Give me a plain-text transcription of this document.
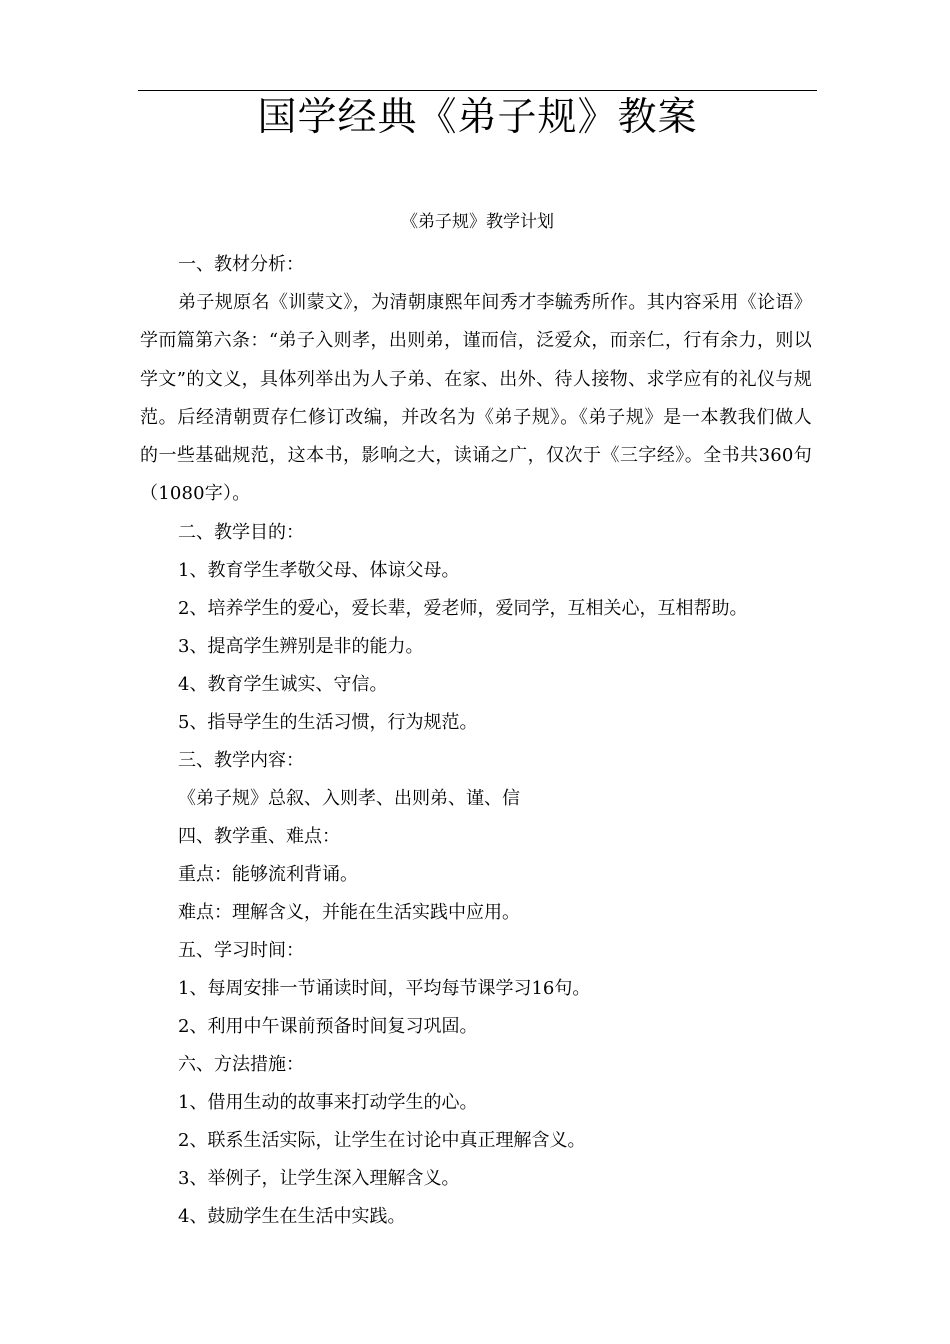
国学经典《弟子规》教案
《弟子规》教学计划
一、教材分析：

弟子规原名《训蒙文》，为清朝康熙年间秀才李毓秀所作。其内容采用《论语》学而篇第六条：“弟子入则孝，出则弟，谨而信，泛爱众，而亲仁，行有余力，则以学文”的文义，具体列举出为人子弟、在家、出外、待人接物、求学应有的礼仪与规范。后经清朝贾存仁修订改编，并改名为《弟子规》。《弟子规》是一本教我们做人的一些基础规范，这本书，影响之大，读诵之广，仅次于《三字经》。全书共360句（1080字）。

二、教学目的：
1、教育学生孝敬父母、体谅父母。
2、培养学生的爱心，爱长辈，爱老师，爱同学，互相关心，互相帮助。
3、提高学生辨别是非的能力。
4、教育学生诚实、守信。
5、指导学生的生活习惯，行为规范。
三、教学内容：
《弟子规》总叙、入则孝、出则弟、谨、信
四、教学重、难点：
重点：能够流利背诵。
难点：理解含义，并能在生活实践中应用。
五、学习时间：
1、每周安排一节诵读时间，平均每节课学习16句。
2、利用中午课前预备时间复习巩固。
六、方法措施：
1、借用生动的故事来打动学生的心。
2、联系生活实际，让学生在讨论中真正理解含义。
3、举例子，让学生深入理解含义。
4、鼓励学生在生活中实践。
